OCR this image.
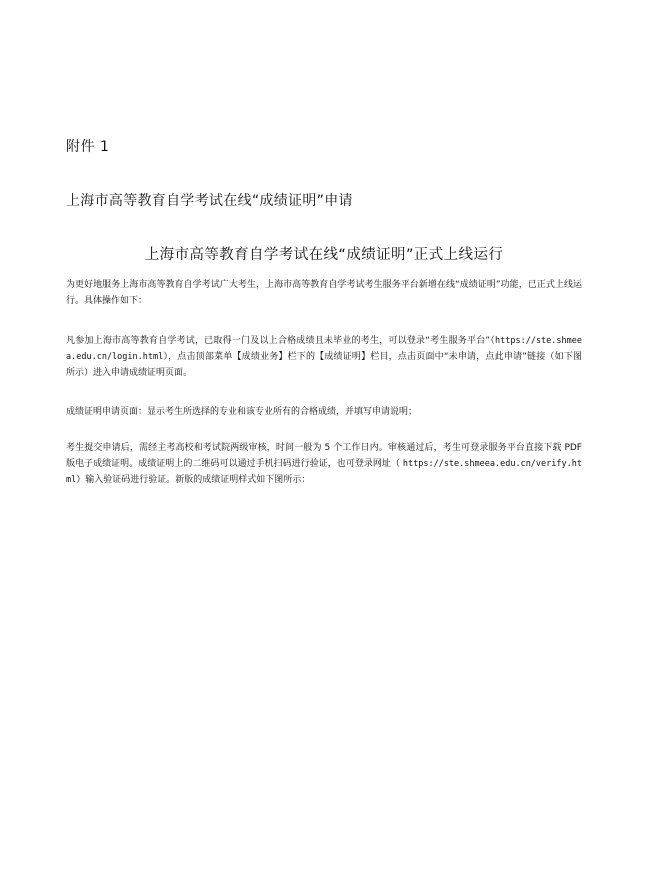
附件 1
上海市高等教育自学考试在线“成绩证明”申请
上海市高等教育自学考试在线“成绩证明”正式上线运行

为更好地服务上海市高等教育自学考试广大考生，上海市高等教育自学考试考生服务平台新增在线“成绩证明”功能，已正式上线运行。具体操作如下：

凡参加上海市高等教育自学考试，已取得一门及以上合格成绩且未毕业的考生，可以登录“考生服务平台”（https://ste.shmeea.edu.cn/login.html），点击顶部菜单【成绩业务】栏下的【成绩证明】栏目，点击页面中“未申请，点此申请”链接（如下图所示）进入申请成绩证明页面。

成绩证明申请页面：显示考生所选择的专业和该专业所有的合格成绩，并填写申请说明；

考生提交申请后，需经主考高校和考试院两级审核，时间一般为 5 个工作日内。审核通过后，考生可登录服务平台直接下载 PDF 版电子成绩证明。成绩证明上的二维码可以通过手机扫码进行验证，也可登录网址（ https://ste.shmeea.edu.cn/verify.html）输入验证码进行验证。新版的成绩证明样式如下图所示：
